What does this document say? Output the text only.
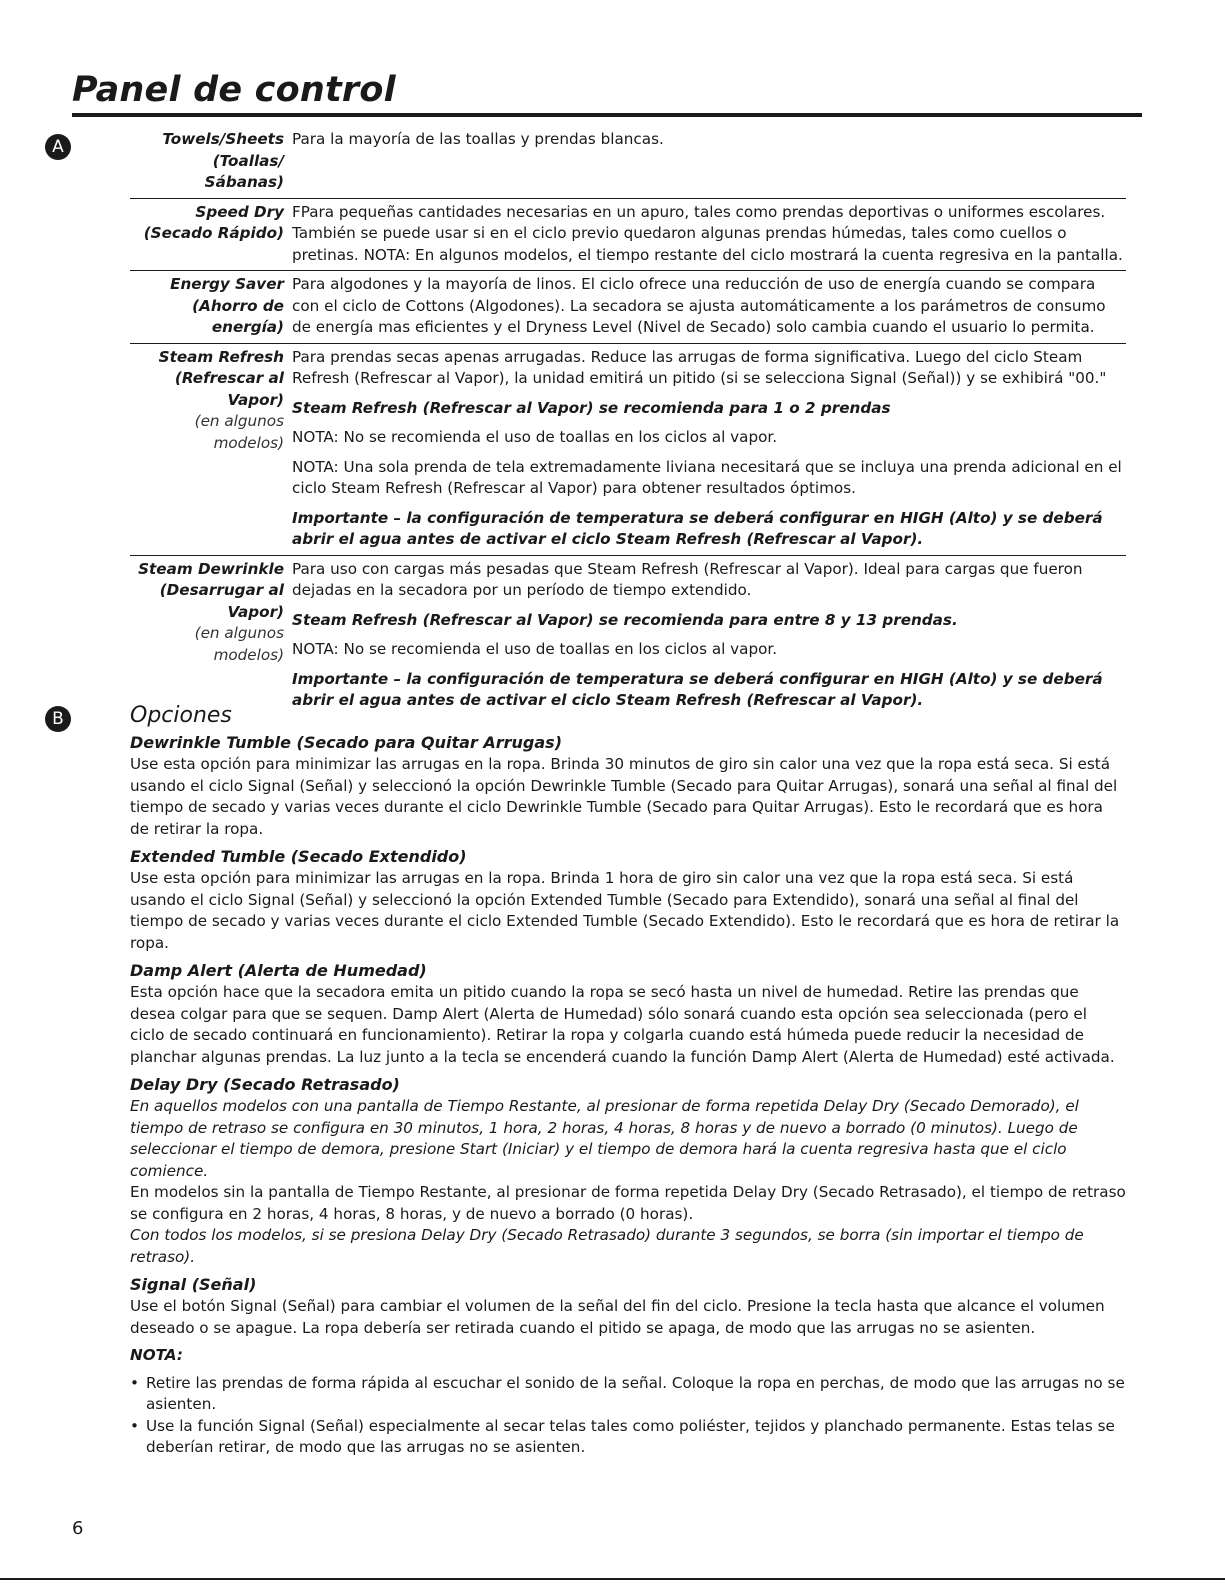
Panel de control
A
B
Towels/Sheets
(Toallas/ Sábanas)

Para la mayoría de las toallas y prendas blancas.

Speed Dry
(Secado Rápido)

FPara pequeñas cantidades necesarias en un apuro, tales como prendas deportivas o uniformes escolares. También se puede usar si en el ciclo previo quedaron algunas prendas húmedas, tales como cuellos o pretinas. NOTA: En algunos modelos, el tiempo restante del ciclo mostrará la cuenta regresiva en la pantalla.

Energy Saver
(Ahorro de energía)

Para algodones y la mayoría de linos. El ciclo ofrece una reducción de uso de energía cuando se compara con el ciclo de Cottons (Algodones). La secadora se ajusta automáticamente a los parámetros de consumo de energía mas eficientes y el Dryness Level (Nivel de Secado) solo cambia cuando el usuario lo permita.

Steam Refresh
(Refrescar al Vapor)
(en algunos modelos)

Para prendas secas apenas arrugadas. Reduce las arrugas de forma significativa. Luego del ciclo Steam Refresh (Refrescar al Vapor), la unidad emitirá un pitido (si se selecciona Signal (Señal)) y se exhibirá "00."

Steam Refresh (Refrescar al Vapor) se recomienda para 1 o 2 prendas

NOTA: No se recomienda el uso de toallas en los ciclos al vapor.

NOTA: Una sola prenda de tela extremadamente liviana necesitará que se incluya una prenda adicional en el ciclo Steam Refresh (Refrescar al Vapor) para obtener resultados óptimos.

Importante – la configuración de temperatura se deberá configurar en HIGH (Alto) y se deberá abrir el agua antes de activar el ciclo Steam Refresh (Refrescar al Vapor).

Steam Dewrinkle
(Desarrugar al Vapor)
(en algunos modelos)

Para uso con cargas más pesadas que Steam Refresh (Refrescar al Vapor). Ideal para cargas que fueron dejadas en la secadora por un período de tiempo extendido.

Steam Refresh (Refrescar al Vapor) se recomienda para entre 8 y 13 prendas.

NOTA: No se recomienda el uso de toallas en los ciclos al vapor.

Importante – la configuración de temperatura se deberá configurar en HIGH (Alto) y se deberá abrir el agua antes de activar el ciclo Steam Refresh (Refrescar al Vapor).

Opciones
Dewrinkle Tumble (Secado para Quitar Arrugas)

Use esta opción para minimizar las arrugas en la ropa. Brinda 30 minutos de giro sin calor una vez que la ropa está seca. Si está usando el ciclo Signal (Señal) y seleccionó la opción Dewrinkle Tumble (Secado para Quitar Arrugas), sonará una señal al final del tiempo de secado y varias veces durante el ciclo Dewrinkle Tumble (Secado para Quitar Arrugas). Esto le recordará que es hora de retirar la ropa.

Extended Tumble (Secado Extendido)

Use esta opción para minimizar las arrugas en la ropa. Brinda 1 hora de giro sin calor una vez que la ropa está seca. Si está usando el ciclo Signal (Señal) y seleccionó la opción Extended Tumble (Secado para Extendido), sonará una señal al final del tiempo de secado y varias veces durante el ciclo Extended Tumble (Secado Extendido). Esto le recordará que es hora de retirar la ropa.

Damp Alert (Alerta de Humedad)

Esta opción hace que la secadora emita un pitido cuando la ropa se secó hasta un nivel de humedad. Retire las prendas que desea colgar para que se sequen. Damp Alert (Alerta de Humedad) sólo sonará cuando esta opción sea seleccionada (pero el ciclo de secado continuará en funcionamiento). Retirar la ropa y colgarla cuando está húmeda puede reducir la necesidad de planchar algunas prendas. La luz junto a la tecla se encenderá cuando la función Damp Alert (Alerta de Humedad) esté activada.

Delay Dry (Secado Retrasado)

En aquellos modelos con una pantalla de Tiempo Restante, al presionar de forma repetida Delay Dry (Secado Demorado), el tiempo de retraso se configura en 30 minutos, 1 hora, 2 horas, 4 horas, 8 horas y de nuevo a borrado (0 minutos). Luego de seleccionar el tiempo de demora, presione Start (Iniciar) y el tiempo de demora hará la cuenta regresiva hasta que el ciclo comience.

En modelos sin la pantalla de Tiempo Restante, al presionar de forma repetida Delay Dry (Secado Retrasado), el tiempo de retraso se configura en 2 horas, 4 horas, 8 horas, y de nuevo a borrado (0 horas).

Con todos los modelos, si se presiona Delay Dry (Secado Retrasado) durante 3 segundos, se borra (sin importar el tiempo de retraso).

Signal (Señal)

Use el botón Signal (Señal) para cambiar el volumen de la señal del fin del ciclo. Presione la tecla hasta que alcance el volumen deseado o se apague. La ropa debería ser retirada cuando el pitido se apaga, de modo que las arrugas no se asienten.

NOTA:

• Retire las prendas de forma rápida al escuchar el sonido de la señal. Coloque la ropa en perchas, de modo que las arrugas no se asienten.
• Use la función Signal (Señal) especialmente al secar telas tales como poliéster, tejidos y planchado permanente. Estas telas se deberían retirar, de modo que las arrugas no se asienten.
6
